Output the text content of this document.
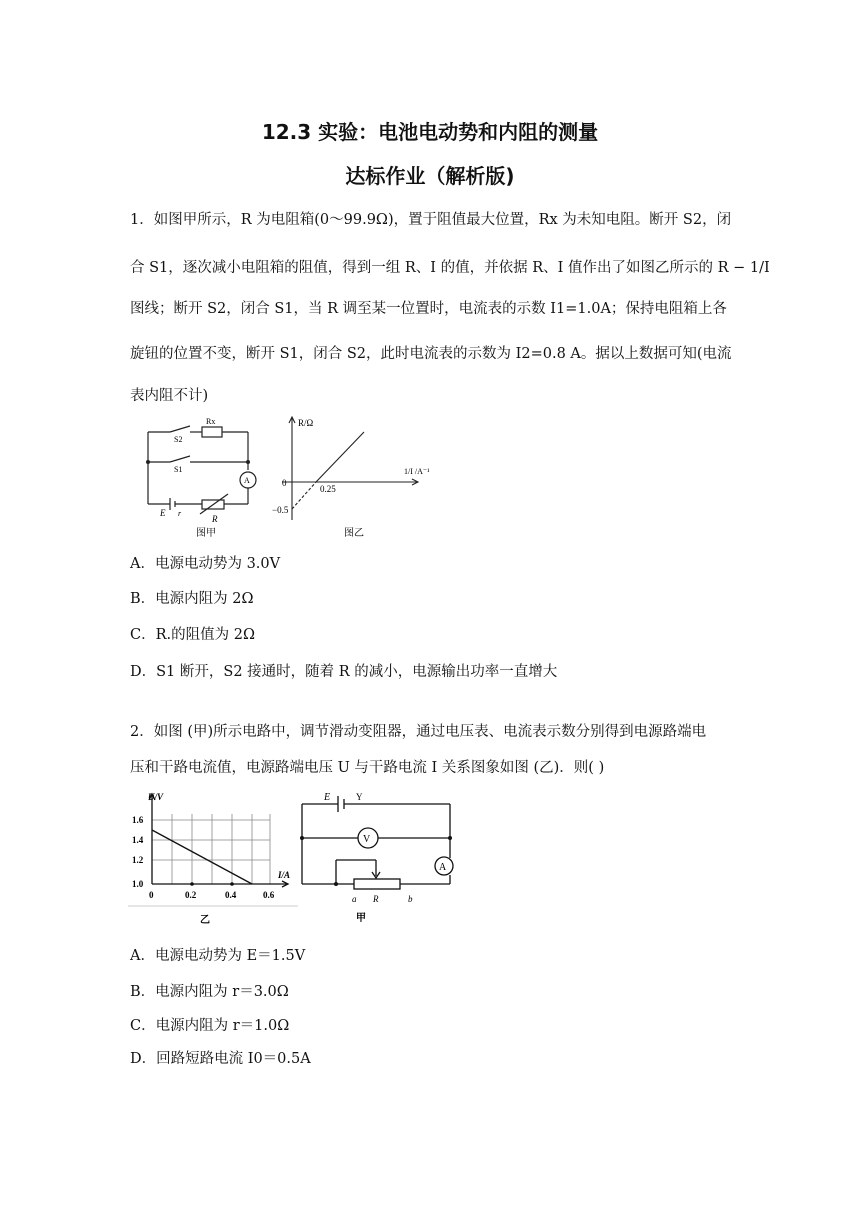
12.3 实验：电池电动势和内阻的测量
达标作业（解析版)
1．如图甲所示，R 为电阻箱(0～99.9Ω)，置于阻值最大位置，Rx 为未知电阻。断开 S2，闭
合 S1，逐次减小电阻箱的阻值，得到一组 R、I 的值，并依据 R、I 值作出了如图乙所示的 R − 1/I
图线；断开 S2，闭合 S1，当 R 调至某一位置时，电流表的示数 I1=1.0A；保持电阻箱上各
旋钮的位置不变，断开 S1，闭合 S2，此时电流表的示数为 I2=0.8 A。据以上数据可知(电流
表内阻不计)
S2
S1
Rx
A
E r
R
图甲
R/Ω
1/I /A⁻¹
0
0.25
−0.5
图乙
A．电源电动势为 3.0V
B．电源内阻为 2Ω
C．R.的阻值为 2Ω
D．S1 断开，S2 接通时，随着 R 的减小，电源输出功率一直增大
2．如图 (甲)所示电路中，调节滑动变阻器，通过电压表、电流表示数分别得到电源路端电
压和干路电流值，电源路端电压 U 与干路电流 I 关系图象如图 (乙)．则( )
U/V
I/A
1.0
1.2
1.4
1.6
0	0.2	0.4	0.6
乙
E	Y
V
A
a R	b
甲
A．电源电动势为 E＝1.5V
B．电源内阻为 r＝3.0Ω
C．电源内阻为 r＝1.0Ω
D．回路短路电流 I0＝0.5A
